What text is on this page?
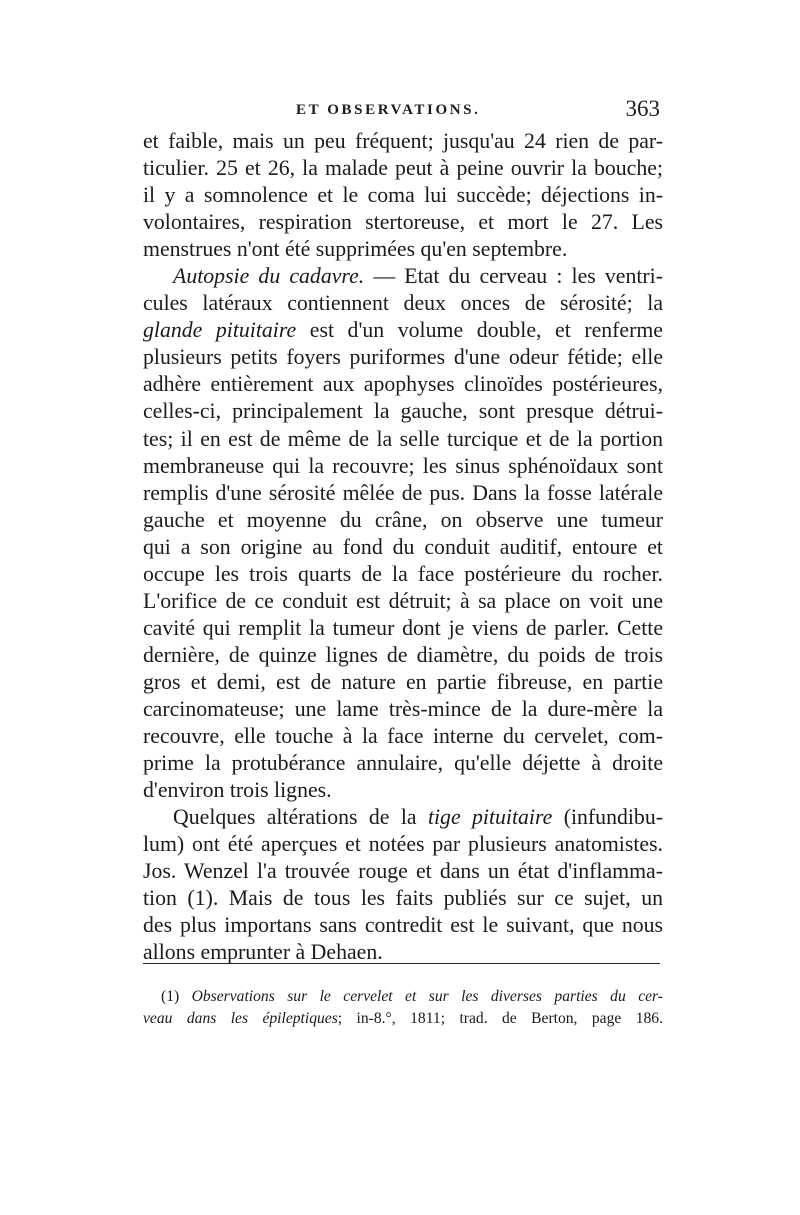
ET OBSERVATIONS.	363
et faible, mais un peu fréquent; jusqu'au 24 rien de par-
ticulier. 25 et 26, la malade peut à peine ouvrir la bouche;
il y a somnolence et le coma lui succède; déjections in-
volontaires, respiration stertoreuse, et mort le 27. Les
menstrues n'ont été supprimées qu'en septembre.
Autopsie du cadavre. — Etat du cerveau : les ventri-
cules latéraux contiennent deux onces de sérosité; la
glande pituitaire est d'un volume double, et renferme
plusieurs petits foyers puriformes d'une odeur fétide; elle
adhère entièrement aux apophyses clinoïdes postérieures,
celles-ci, principalement la gauche, sont presque détrui-
tes; il en est de même de la selle turcique et de la portion
membraneuse qui la recouvre; les sinus sphénoïdaux sont
remplis d'une sérosité mêlée de pus. Dans la fosse latérale
gauche et moyenne du crâne, on observe une tumeur
qui a son origine au fond du conduit auditif, entoure et
occupe les trois quarts de la face postérieure du rocher.
L'orifice de ce conduit est détruit; à sa place on voit une
cavité qui remplit la tumeur dont je viens de parler. Cette
dernière, de quinze lignes de diamètre, du poids de trois
gros et demi, est de nature en partie fibreuse, en partie
carcinomateuse; une lame très-mince de la dure-mère la
recouvre, elle touche à la face interne du cervelet, com-
prime la protubérance annulaire, qu'elle déjette à droite
d'environ trois lignes.
Quelques altérations de la tige pituitaire (infundibu-
lum) ont été aperçues et notées par plusieurs anatomistes.
Jos. Wenzel l'a trouvée rouge et dans un état d'inflamma-
tion (1). Mais de tous les faits publiés sur ce sujet, un
des plus importans sans contredit est le suivant, que nous
allons emprunter à Dehaen.
(1) Observations sur le cervelet et sur les diverses parties du cer-
veau dans les épileptiques; in-8.°, 1811; trad. de Berton, page 186.
